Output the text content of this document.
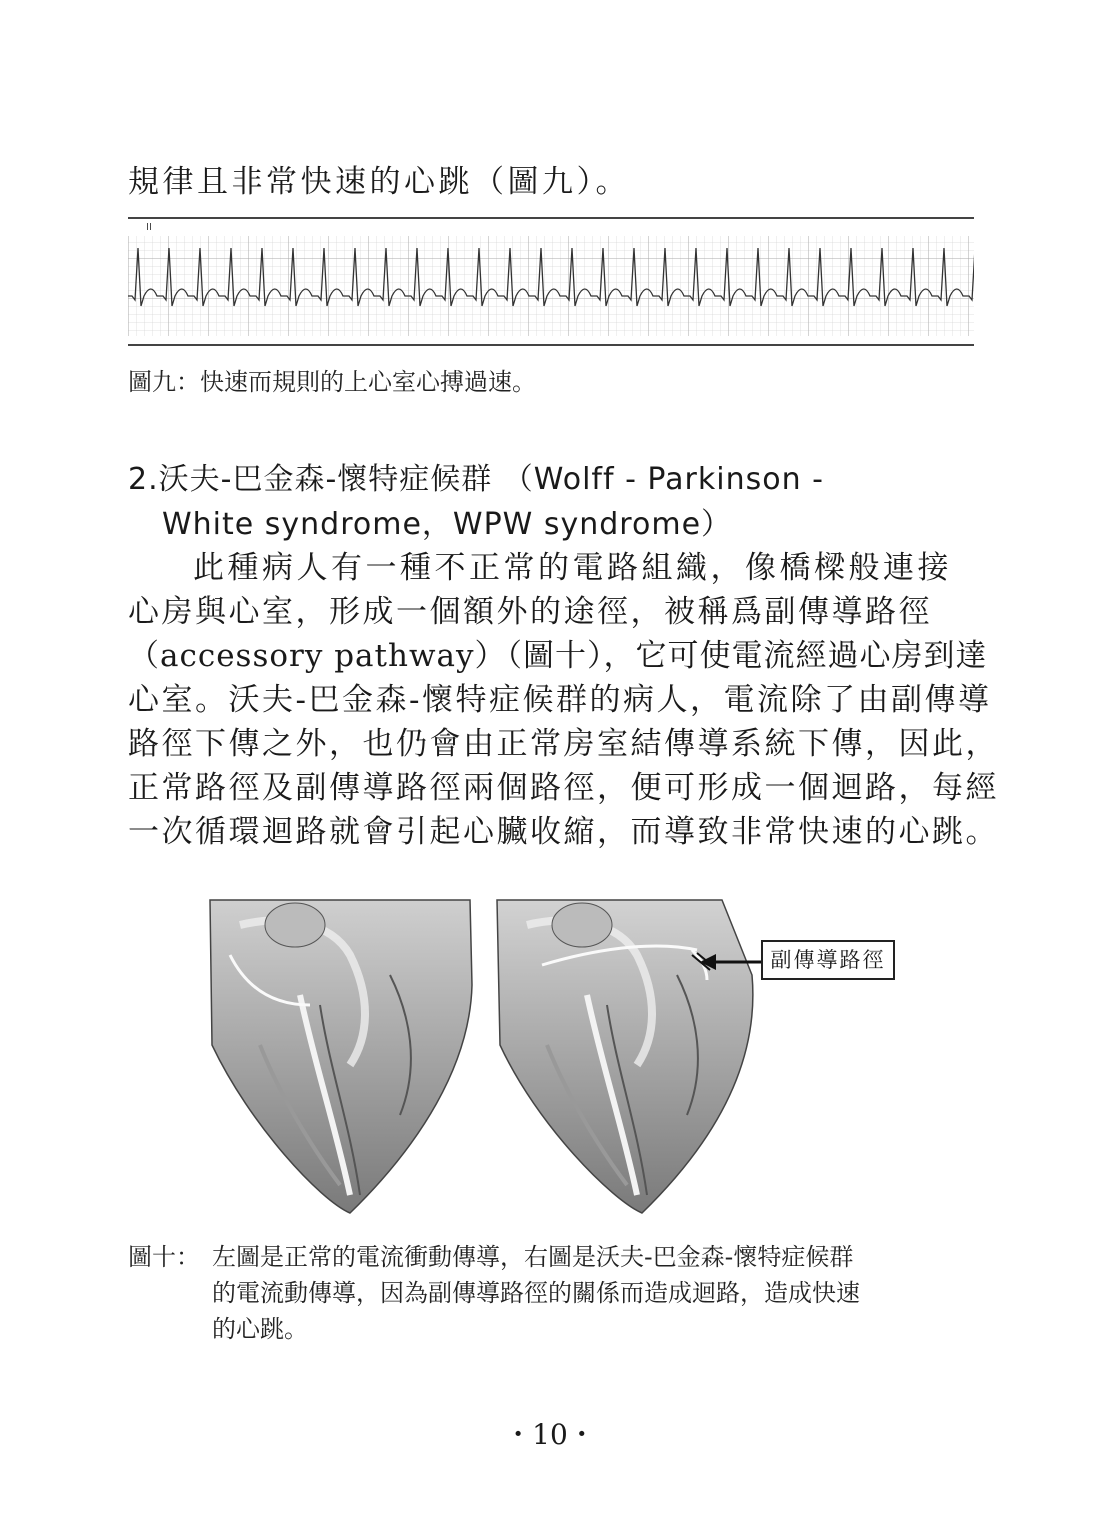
規律且非常快速的心跳（圖九）。
II
圖九：快速而規則的上心室心搏過速。
2.沃夫-巴金森-懷特症候群 （Wolff - Parkinson -
White syndrome，WPW syndrome）
此種病人有一種不正常的電路組織，像橋樑般連接
心房與心室，形成一個額外的途徑，被稱爲副傳導路徑
（accessory pathway）（圖十），它可使電流經過心房到達
心室。沃夫-巴金森-懷特症候群的病人，電流除了由副傳導
路徑下傳之外，也仍會由正常房室結傳導系統下傳，因此，
正常路徑及副傳導路徑兩個路徑，便可形成一個迴路，每經
一次循環迴路就會引起心臟收縮，而導致非常快速的心跳。
副傳導路徑
圖十： 左圖是正常的電流衝動傳導，右圖是沃夫-巴金森-懷特症候群
的電流動傳導，因為副傳導路徑的關係而造成迴路，造成快速
的心跳。
・10・
